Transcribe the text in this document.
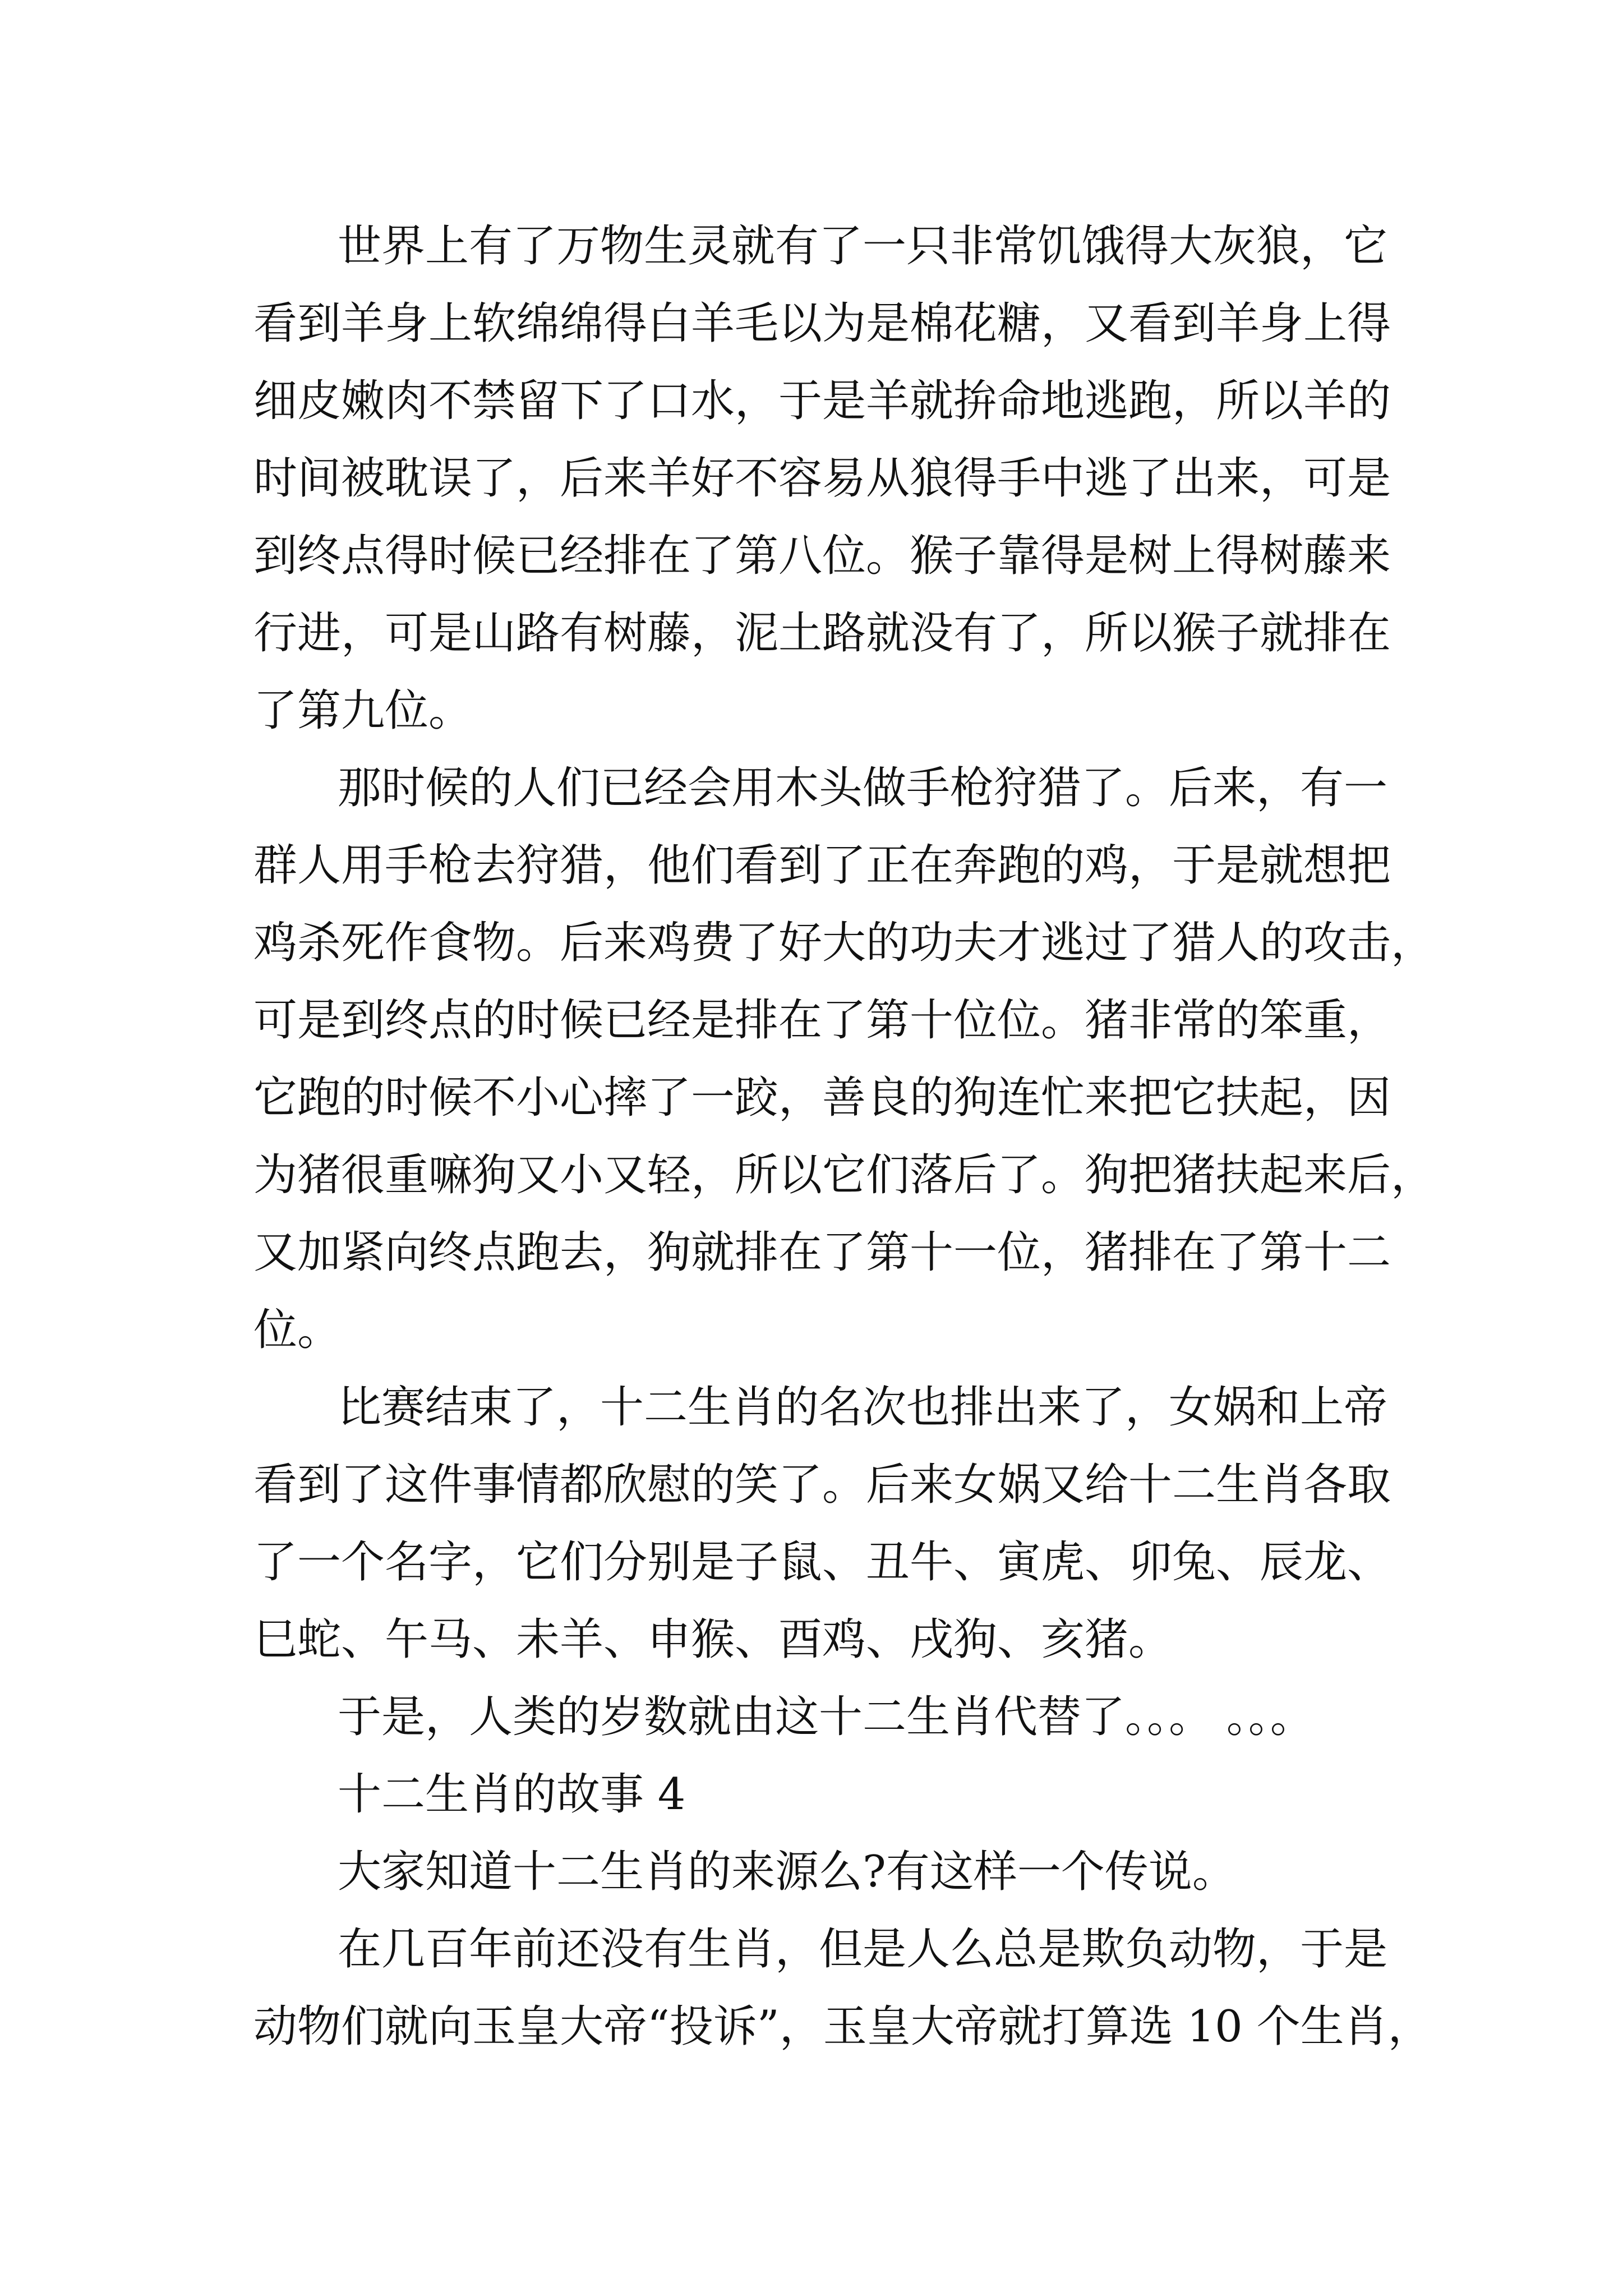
世界上有了万物生灵就有了一只非常饥饿得大灰狼，它
看到羊身上软绵绵得白羊毛以为是棉花糖，又看到羊身上得
细皮嫩肉不禁留下了口水，于是羊就拚命地逃跑，所以羊的
时间被耽误了，后来羊好不容易从狼得手中逃了出来，可是
到终点得时候已经排在了第八位。猴子靠得是树上得树藤来
行进，可是山路有树藤，泥土路就没有了，所以猴子就排在
了第九位。
那时候的人们已经会用木头做手枪狩猎了。后来，有一
群人用手枪去狩猎，他们看到了正在奔跑的鸡，于是就想把
鸡杀死作食物。后来鸡费了好大的功夫才逃过了猎人的攻击，
可是到终点的时候已经是排在了第十位位。猪非常的笨重，
它跑的时候不小心摔了一跤，善良的狗连忙来把它扶起，因
为猪很重嘛狗又小又轻，所以它们落后了。狗把猪扶起来后，
又加紧向终点跑去，狗就排在了第十一位，猪排在了第十二
位。
比赛结束了，十二生肖的名次也排出来了，女娲和上帝
看到了这件事情都欣慰的笑了。后来女娲又给十二生肖各取
了一个名字，它们分别是子鼠、丑牛、寅虎、卯兔、辰龙、
巳蛇、午马、未羊、申猴、酉鸡、戌狗、亥猪。
于是，人类的岁数就由这十二生肖代替了。。。 。。。
十二生肖的故事 4
大家知道十二生肖的来源么?有这样一个传说。
在几百年前还没有生肖，但是人么总是欺负动物，于是
动物们就向玉皇大帝“投诉”，玉皇大帝就打算选 10 个生肖，
